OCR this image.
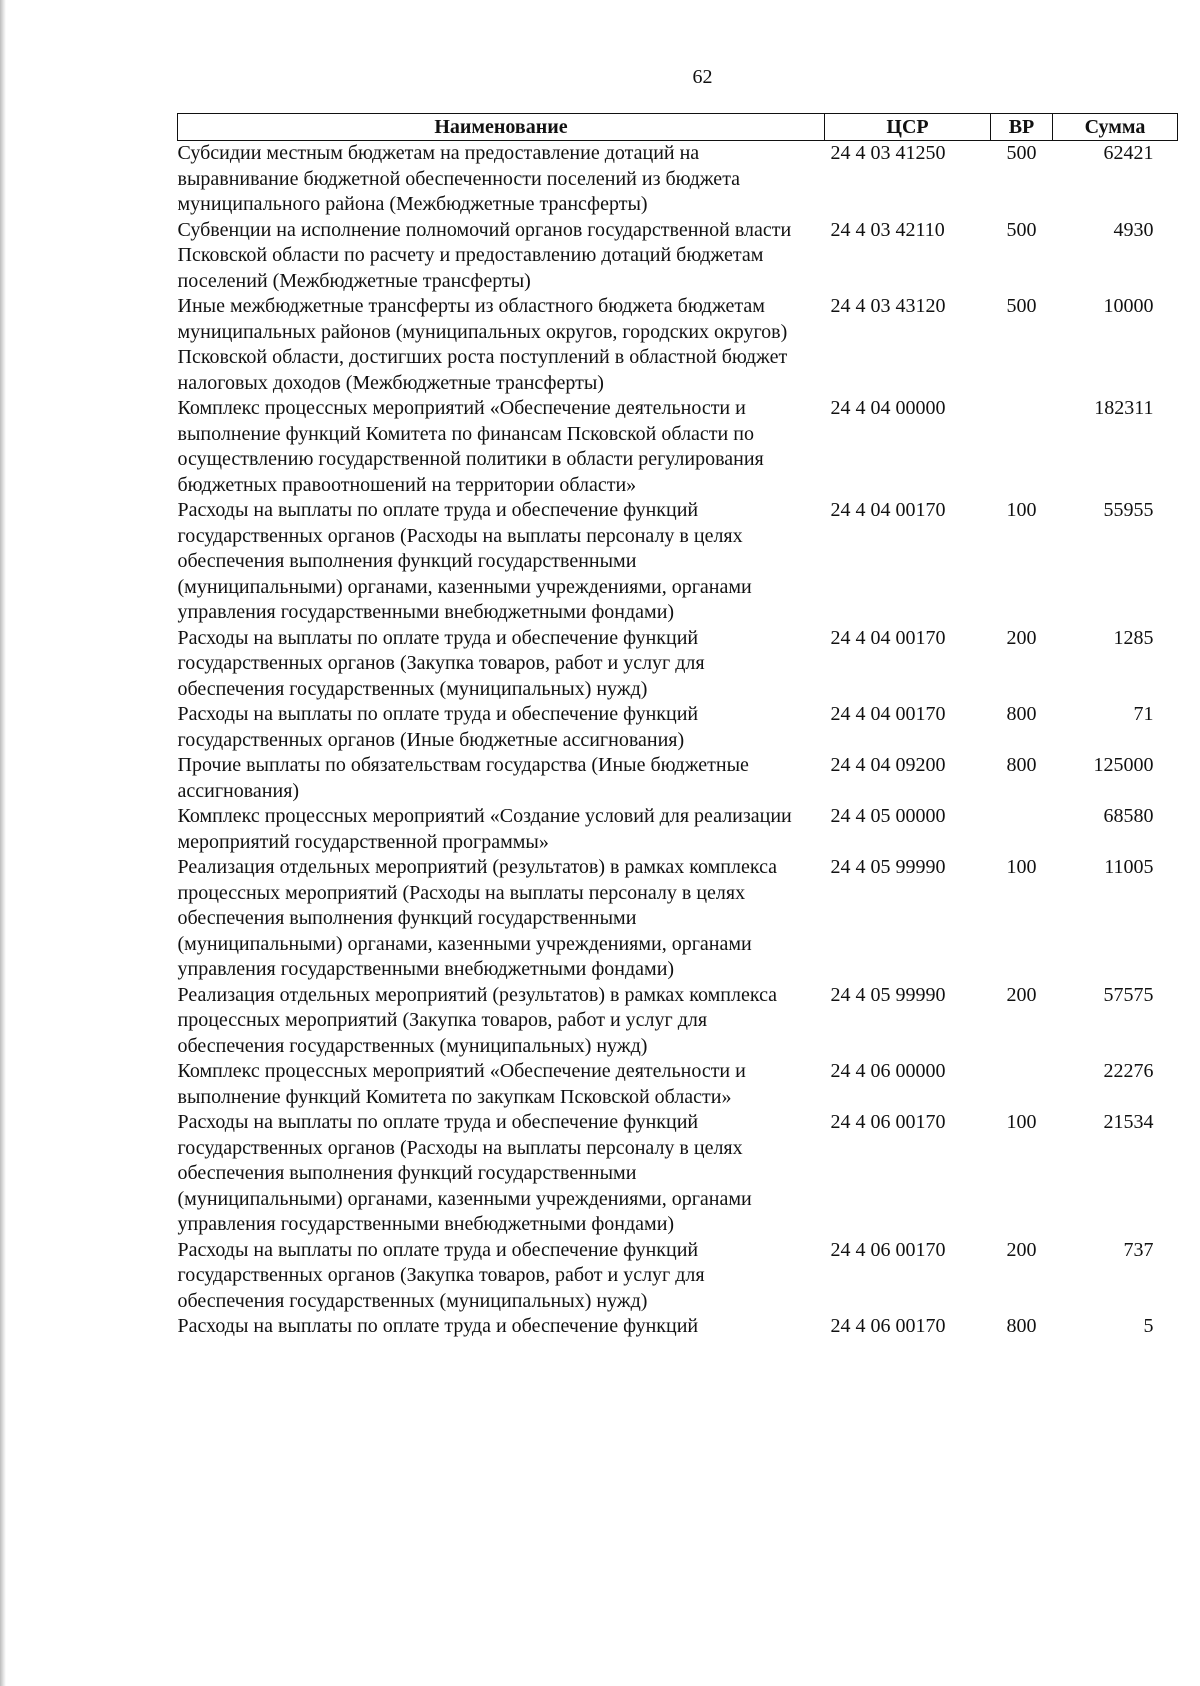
62
Наименование	ЦСР	ВР	Сумма
Субсидии местным бюджетам на предоставление дотаций на выравнивание бюджетной обеспеченности поселений из бюджета муниципального района (Межбюджетные трансферты)	24 4 03 41250	500	62421
Субвенции на исполнение полномочий органов государственной власти Псковской области по расчету и предоставлению дотаций бюджетам поселений (Межбюджетные трансферты)	24 4 03 42110	500	4930
Иные межбюджетные трансферты из областного бюджета бюджетам муниципальных районов (муниципальных округов, городских округов) Псковской области, достигших роста поступлений в областной бюджет налоговых доходов (Межбюджетные трансферты)	24 4 03 43120	500	10000
Комплекс процессных мероприятий «Обеспечение деятельности и выполнение функций Комитета по финансам Псковской области по осуществлению государственной политики в области регулирования бюджетных правоотношений на территории области»	24 4 04 00000		182311
Расходы на выплаты по оплате труда и обеспечение функций государственных органов (Расходы на выплаты персоналу в целях обеспечения выполнения функций государственными (муниципальными) органами, казенными учреждениями, органами управления государственными внебюджетными фондами)	24 4 04 00170	100	55955
Расходы на выплаты по оплате труда и обеспечение функций государственных органов (Закупка товаров, работ и услуг для обеспечения государственных (муниципальных) нужд)	24 4 04 00170	200	1285
Расходы на выплаты по оплате труда и обеспечение функций государственных органов (Иные бюджетные ассигнования)	24 4 04 00170	800	71
Прочие выплаты по обязательствам государства (Иные бюджетные ассигнования)	24 4 04 09200	800	125000
Комплекс процессных мероприятий «Создание условий для реализации мероприятий государственной программы»	24 4 05 00000		68580
Реализация отдельных мероприятий (результатов) в рамках комплекса процессных мероприятий (Расходы на выплаты персоналу в целях обеспечения выполнения функций государственными (муниципальными) органами, казенными учреждениями, органами управления государственными внебюджетными фондами)	24 4 05 99990	100	11005
Реализация отдельных мероприятий (результатов) в рамках комплекса процессных мероприятий (Закупка товаров, работ и услуг для обеспечения государственных (муниципальных) нужд)	24 4 05 99990	200	57575
Комплекс процессных мероприятий «Обеспечение деятельности и выполнение функций Комитета по закупкам Псковской области»	24 4 06 00000		22276
Расходы на выплаты по оплате труда и обеспечение функций государственных органов (Расходы на выплаты персоналу в целях обеспечения выполнения функций государственными (муниципальными) органами, казенными учреждениями, органами управления государственными внебюджетными фондами)	24 4 06 00170	100	21534
Расходы на выплаты по оплате труда и обеспечение функций государственных органов (Закупка товаров, работ и услуг для обеспечения государственных (муниципальных) нужд)	24 4 06 00170	200	737
Расходы на выплаты по оплате труда и обеспечение функций	24 4 06 00170	800	5
